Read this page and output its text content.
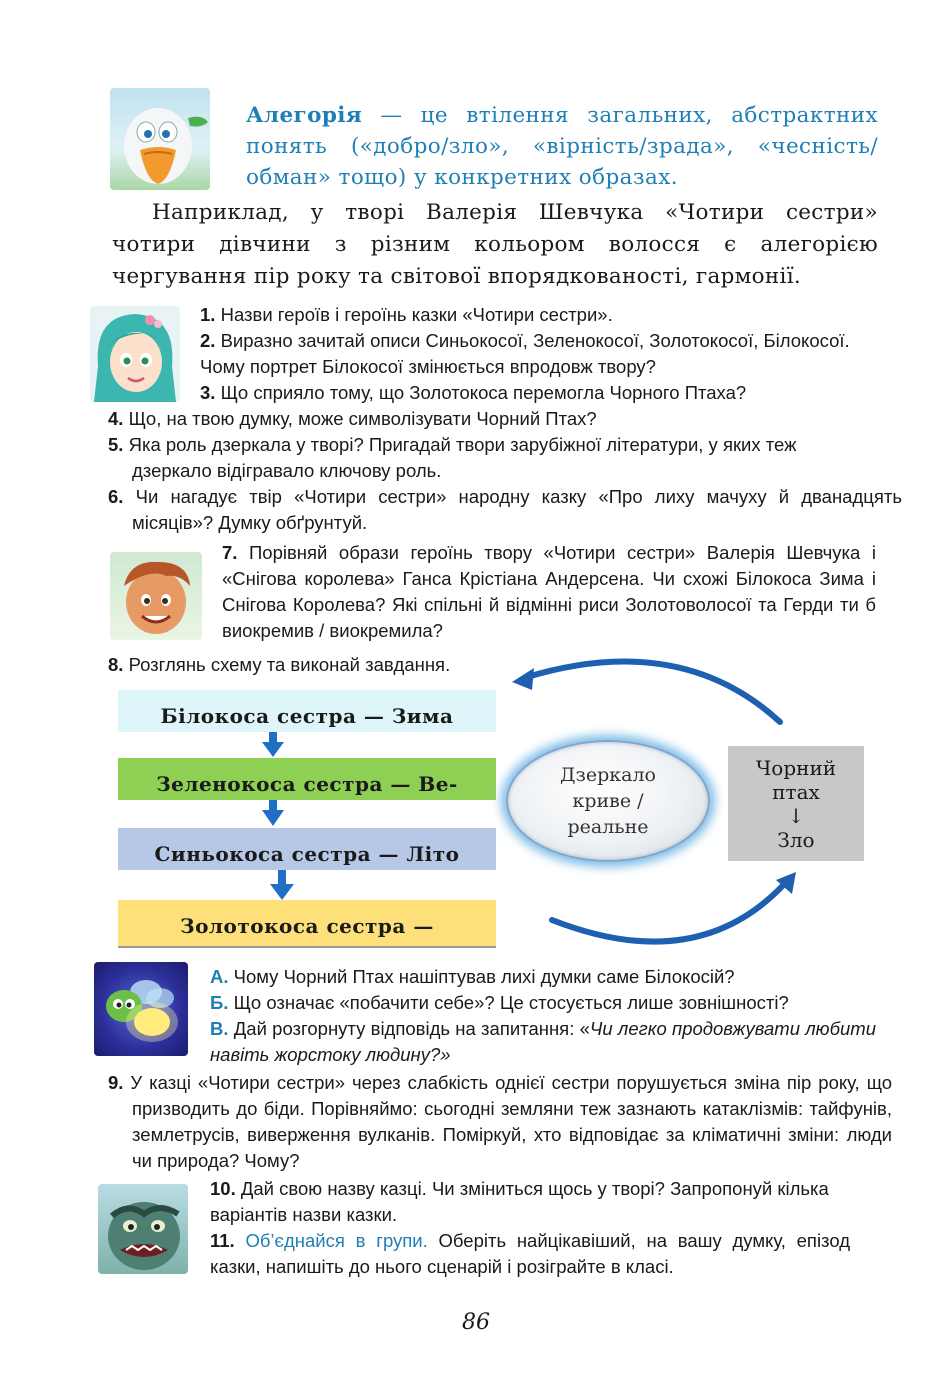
Алегорія — це втілення загальних, абстрактних понять («добро/зло», «вірність/зрада», «чесність/обман» тощо) у конкретних образах.
Наприклад, у творі Валерія Шевчука «Чотири сестри» чотири дівчини з різним кольором волосся є алегорією чергування пір року та світової впорядкованості, гармонії.
1. Назви героїв і героїнь казки «Чотири сестри».
2. Виразно зачитай описи Синьокосої, Зеленокосої, Золотокосої, Білокосої. Чому портрет Білокосої змінюється впродовж твору?
3. Що сприяло тому, що Золотокоса перемогла Чорного Птаха?
4. Що, на твою думку, може символізувати Чорний Птах?
5. Яка роль дзеркала у творі? Пригадай твори зарубіжної літератури, у яких теж дзеркало відігравало ключову роль.
6. Чи нагадує твір «Чотири сестри» народну казку «Про лиху мачуху й дванадцять місяців»? Думку обґрунтуй.
7. Порівняй образи героїнь твору «Чотири сестри» Валерія Шевчука і «Снігова королева» Ганса Крістіана Андерсена. Чи схожі Білокоса Зима і Снігова Королева? Які спільні й відмінні риси Золотоволосої та Герди ти б виокремив / виокремила?
8. Розглянь схему та виконай завдання.
Білокоса сестра — Зима
Зеленокоса сестра — Ве-
Синьокоса сестра — Літо
Золотокоса сестра —
Дзеркало
криве /
реальне
Чорний
птах
↓
Зло
А. Чому Чорний Птах нашіптував лихі думки саме Білокосій?
Б. Що означає «побачити себе»? Це стосується лише зовнішності?
В. Дай розгорнуту відповідь на запитання: «Чи легко продовжувати любити навіть жорстоку людину?»
9. У казці «Чотири сестри» через слабкість однієї сестри порушується зміна пір року, що призводить до біди. Порівняймо: сьогодні земляни теж зазнають катаклізмів: тайфунів, землетрусів, виверження вулканів. Поміркуй, хто відповідає за кліматичні зміни: люди чи природа? Чому?
10. Дай свою назву казці. Чи зміниться щось у творі? Запропонуй кілька варіантів назви казки.
11. Об’єднайся в групи. Оберіть найцікавіший, на вашу думку, епізод казки, напишіть до нього сценарій і розіграйте в класі.
86
